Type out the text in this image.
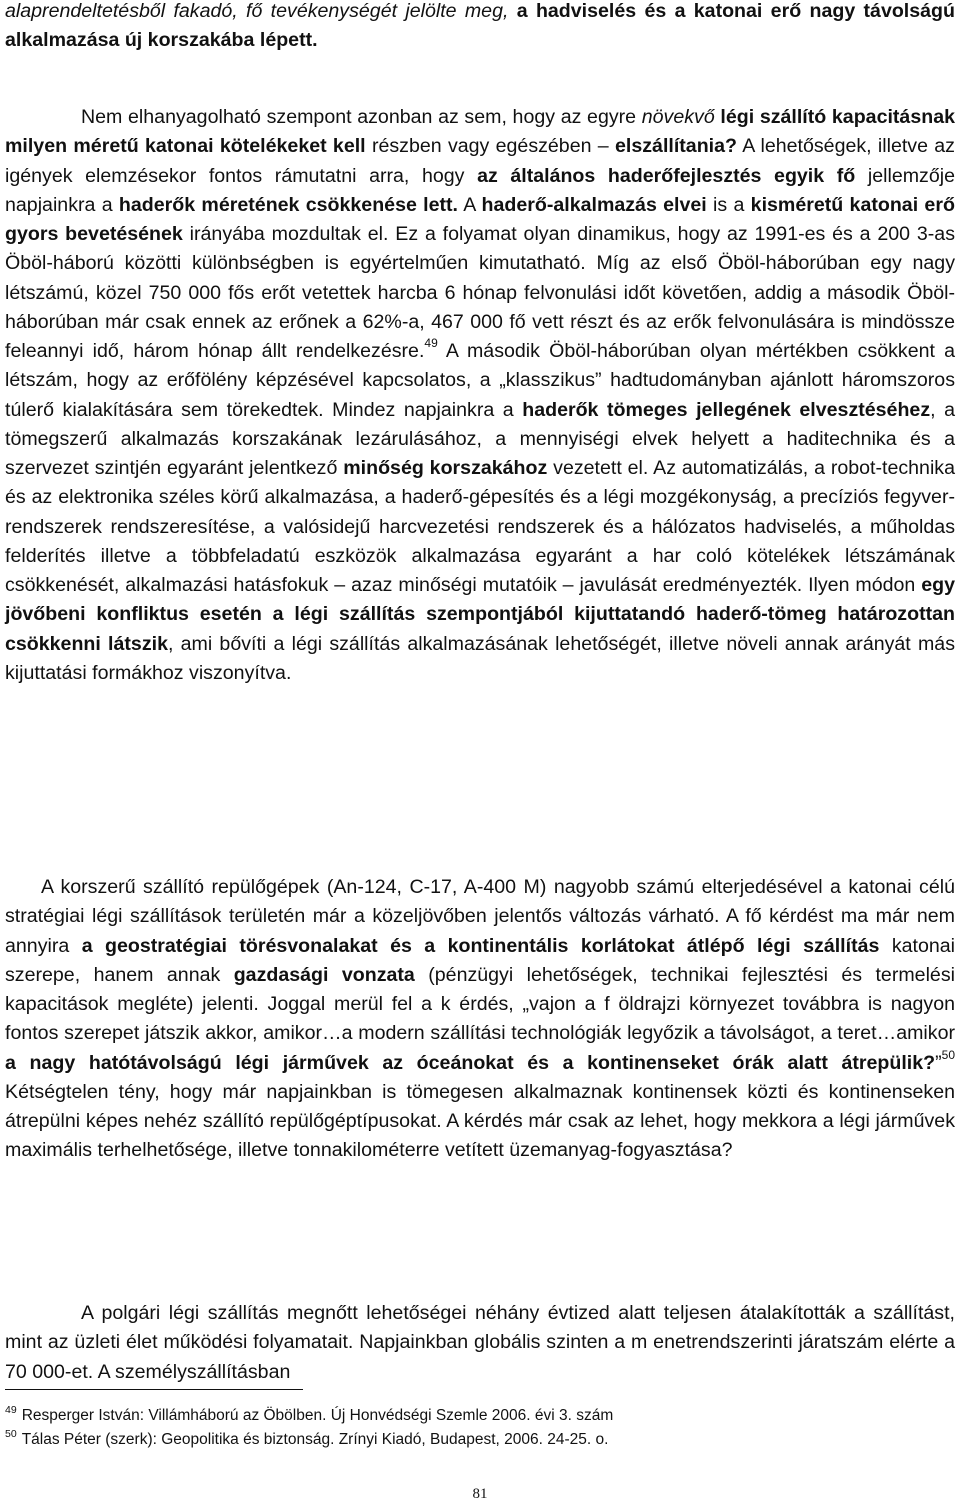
alaprendeltetésből fakadó, fő tevékenységét jelölte meg, a hadviselés és a katonai erő nagy távolságú alkalmazása új korszakába lépett.

Nem elhanyagolható szempont azonban az sem, hogy az egyre növekvő légi szállító kapacitásnak milyen méretű katonai kötelékeket kell részben vagy egészében – elszállítania? A lehetőségek, illetve az igények elemzésekor fontos rámutatni arra, hogy az általános haderőfejlesztés egyik fő jellemzője napjainkra a haderők méretének csökkenése lett. A haderő-alkalmazás elvei is a kisméretű katonai erő gyors bevetésének irányába mozdultak el. Ez a folyamat olyan dinamikus, hogy az 1991-es és a 200 3-as Öböl-háború közötti különbségben is egyértelműen kimutatható. Míg az első Öböl-háborúban egy nagy létszámú, közel 750 000 fős erőt vetettek harcba 6 hónap felvonulási időt követően, addig a második Öböl-háborúban már csak ennek az erőnek a 62%-a, 467 000 fő vett részt és az erők felvonulására is mindössze feleannyi idő, három hónap állt rendelkezésre.$^{49}$ A második Öböl-háborúban olyan mértékben csökkent a létszám, hogy az erőfölény képzésével kapcsolatos, a „klasszikus” hadtudományban ajánlott háromszoros túlerő kialakítására sem törekedtek. Mindez napjainkra a haderők tömeges jellegének elvesztéséhez, a tömegszerű alkalmazás korszakának lezárulásához, a mennyiségi elvek helyett a haditechnika és a szervezet szintjén egyaránt jelentkező minőség korszakához vezetett el. Az automatizálás, a robot-technika és az elektronika széles körű alkalmazása, a haderő-gépesítés és a légi mozgékonyság, a precíziós fegyver-rendszerek rendszeresítése, a valósidejű harcvezetési rendszerek és a hálózatos hadviselés, a műholdas felderítés illetve a többfeladatú eszközök alkalmazása egyaránt a har coló kötelékek létszámának csökkenését, alkalmazási hatásfokuk – azaz minőségi mutatóik – javulását eredményezték. Ilyen módon egy jövőbeni konfliktus esetén a légi szállítás szempontjából kijuttatandó haderő-tömeg határozottan csökkenni látszik, ami bővíti a légi szállítás alkalmazásának lehetőségét, illetve növeli annak arányát más kijuttatási formákhoz viszonyítva.

A korszerű szállító repülőgépek (An-124, C-17, A-400 M) nagyobb számú elterjedésével a katonai célú stratégiai légi szállítások területén már a közeljövőben jelentős változás várható. A fő kérdést ma már nem annyira a geostratégiai törésvonalakat és a kontinentális korlátokat átlépő légi szállítás katonai szerepe, hanem annak gazdasági vonzata (pénzügyi lehetőségek, technikai fejlesztési és termelési kapacitások megléte) jelenti. Joggal merül fel a k érdés, „vajon a f öldrajzi környezet továbbra is nagyon fontos szerepet játszik akkor, amikor…a modern szállítási technológiák legyőzik a távolságot, a teret…amikor a nagy hatótávolságú légi járművek az óceánokat és a kontinenseket órák alatt átrepülik?”$^{50}$ Kétségtelen tény, hogy már napjainkban is tömegesen alkalmaznak kontinensek közti és kontinenseken átrepülni képes nehéz szállító repülőgéptípusokat. A kérdés már csak az lehet, hogy mekkora a légi járművek maximális terhelhetősége, illetve tonnakilométerre vetített üzemanyag-fogyasztása?

A polgári légi szállítás megnőtt lehetőségei néhány évtized alatt teljesen átalakították a szállítást, mint az üzleti élet működési folyamatait. Napjainkban globális szinten a m enetrendszerinti járatszám elérte a 70 000-et. A személyszállításban

$^{49}$ Resperger István: Villámháború az Öbölben. Új Honvédségi Szemle 2006. évi 3. szám
$^{50}$ Tálas Péter (szerk): Geopolitika és biztonság. Zrínyi Kiadó, Budapest, 2006. 24-25. o.
81
